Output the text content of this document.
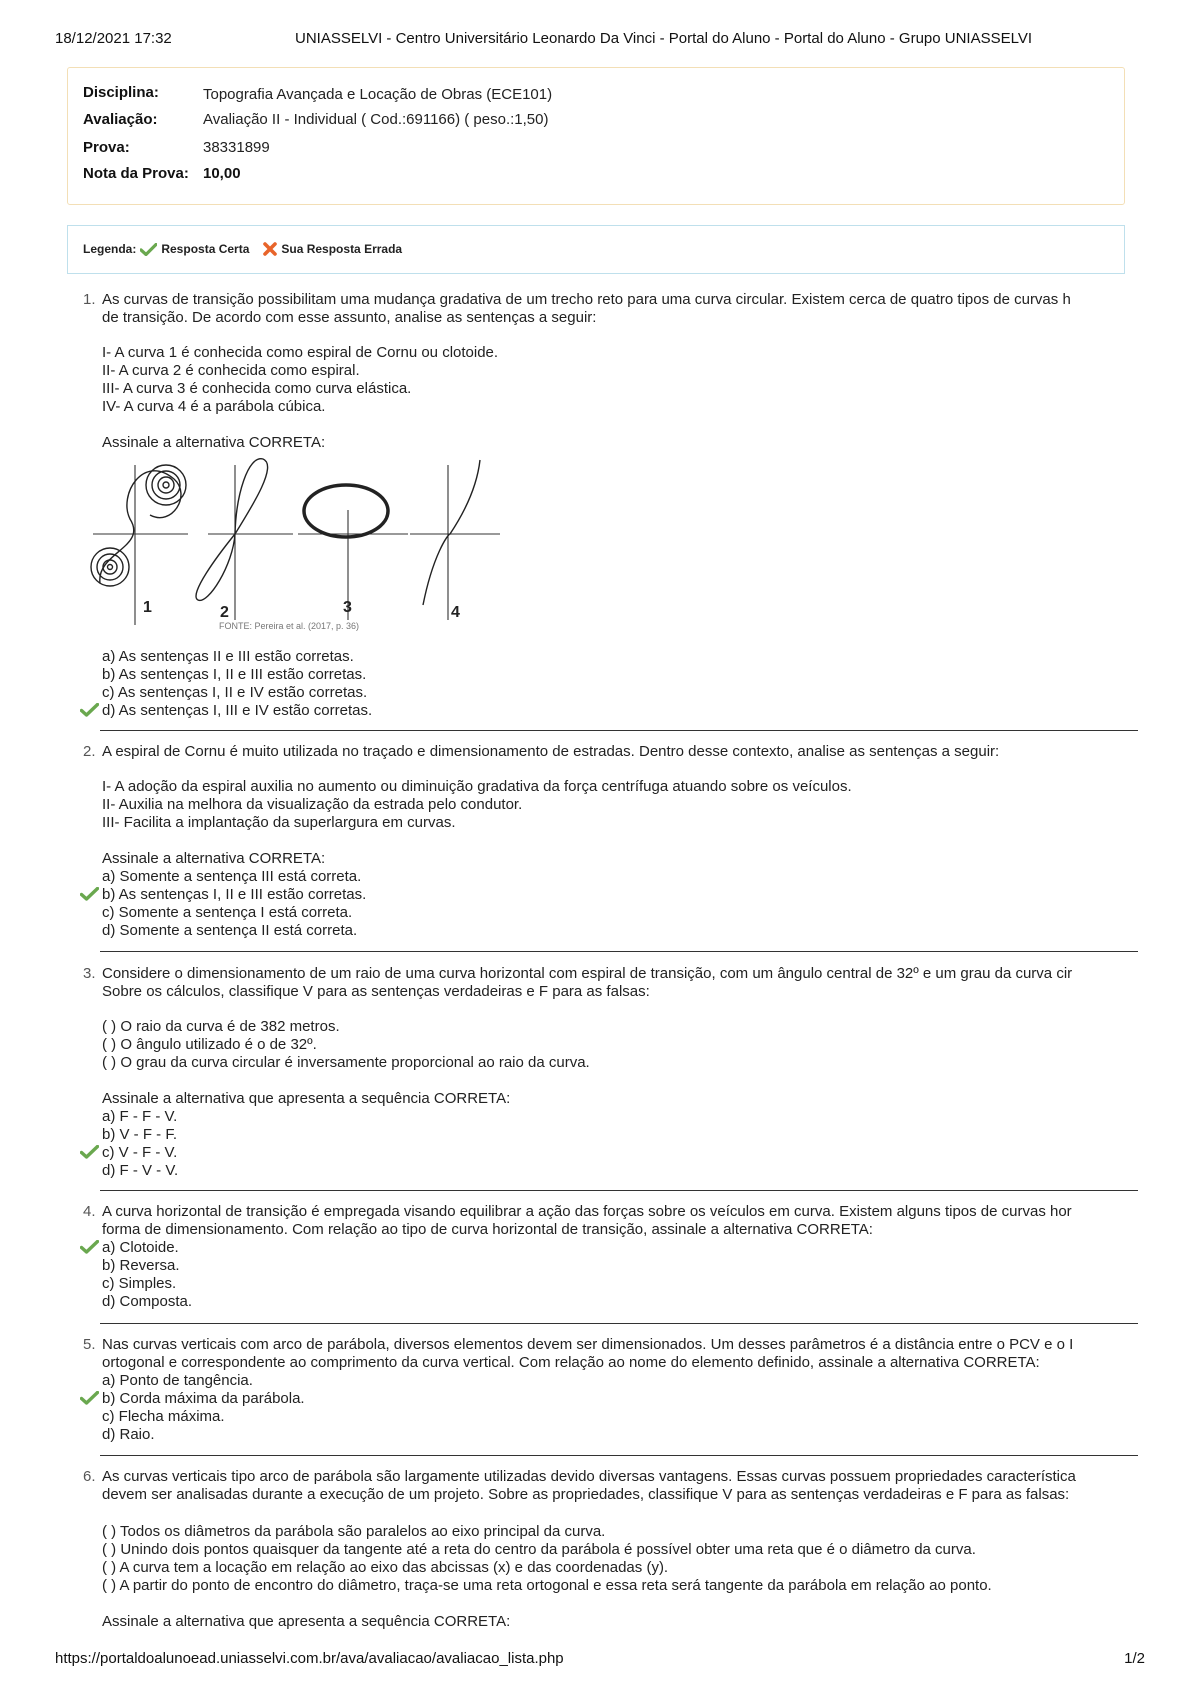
18/12/2021 17:32	UNIASSELVI - Centro Universitário Leonardo Da Vinci - Portal do Aluno - Portal do Aluno - Grupo UNIASSELVI
Disciplina:	Topografia Avançada e Locação de Obras (ECE101)
Avaliação:	Avaliação II - Individual ( Cod.:691166) ( peso.:1,50)
Prova:	38331899
Nota da Prova: 10,00
Legenda: Resposta Certa	Sua Resposta Errada
1. As curvas de transição possibilitam uma mudança gradativa de um trecho reto para uma curva circular. Existem cerca de quatro tipos de curvas h
de transição. De acordo com esse assunto, analise as sentenças a seguir:
I- A curva 1 é conhecida como espiral de Cornu ou clotoide.
II- A curva 2 é conhecida como espiral.
III- A curva 3 é conhecida como curva elástica.
IV- A curva 4 é a parábola cúbica.
Assinale a alternativa CORRETA:
a) As sentenças II e III estão corretas.
b) As sentenças I, II e III estão corretas.
c) As sentenças I, II e IV estão corretas.
d) As sentenças I, III e IV estão corretas.
1	2	3	4
FONTE: Pereira et al. (2017, p. 36)
2. A espiral de Cornu é muito utilizada no traçado e dimensionamento de estradas. Dentro desse contexto, analise as sentenças a seguir:
I- A adoção da espiral auxilia no aumento ou diminuição gradativa da força centrífuga atuando sobre os veículos.
II- Auxilia na melhora da visualização da estrada pelo condutor.
III- Facilita a implantação da superlargura em curvas.
Assinale a alternativa CORRETA:
a) Somente a sentença III está correta.
b) As sentenças I, II e III estão corretas.
c) Somente a sentença I está correta.
d) Somente a sentença II está correta.
3. Considere o dimensionamento de um raio de uma curva horizontal com espiral de transição, com um ângulo central de 32º e um grau da curva cir
Sobre os cálculos, classifique V para as sentenças verdadeiras e F para as falsas:
( ) O raio da curva é de 382 metros.
( ) O ângulo utilizado é o de 32º.
( ) O grau da curva circular é inversamente proporcional ao raio da curva.
Assinale a alternativa que apresenta a sequência CORRETA:
a) F - F - V.
b) V - F - F.
c) V - F - V.
d) F - V - V.
4. A curva horizontal de transição é empregada visando equilibrar a ação das forças sobre os veículos em curva. Existem alguns tipos de curvas hor
forma de dimensionamento. Com relação ao tipo de curva horizontal de transição, assinale a alternativa CORRETA:
a) Clotoide.
b) Reversa.
c) Simples.
d) Composta.
5. Nas curvas verticais com arco de parábola, diversos elementos devem ser dimensionados. Um desses parâmetros é a distância entre o PCV e o I
ortogonal e correspondente ao comprimento da curva vertical. Com relação ao nome do elemento definido, assinale a alternativa CORRETA:
a) Ponto de tangência.
b) Corda máxima da parábola.
c) Flecha máxima.
d) Raio.
6. As curvas verticais tipo arco de parábola são largamente utilizadas devido diversas vantagens. Essas curvas possuem propriedades característica
devem ser analisadas durante a execução de um projeto. Sobre as propriedades, classifique V para as sentenças verdadeiras e F para as falsas:
( ) Todos os diâmetros da parábola são paralelos ao eixo principal da curva.
( ) Unindo dois pontos quaisquer da tangente até a reta do centro da parábola é possível obter uma reta que é o diâmetro da curva.
( ) A curva tem a locação em relação ao eixo das abcissas (x) e das coordenadas (y).
( ) A partir do ponto de encontro do diâmetro, traça-se uma reta ortogonal e essa reta será tangente da parábola em relação ao ponto.
Assinale a alternativa que apresenta a sequência CORRETA:
https://portaldoalunoead.uniasselvi.com.br/ava/avaliacao/avaliacao_lista.php	1/2
